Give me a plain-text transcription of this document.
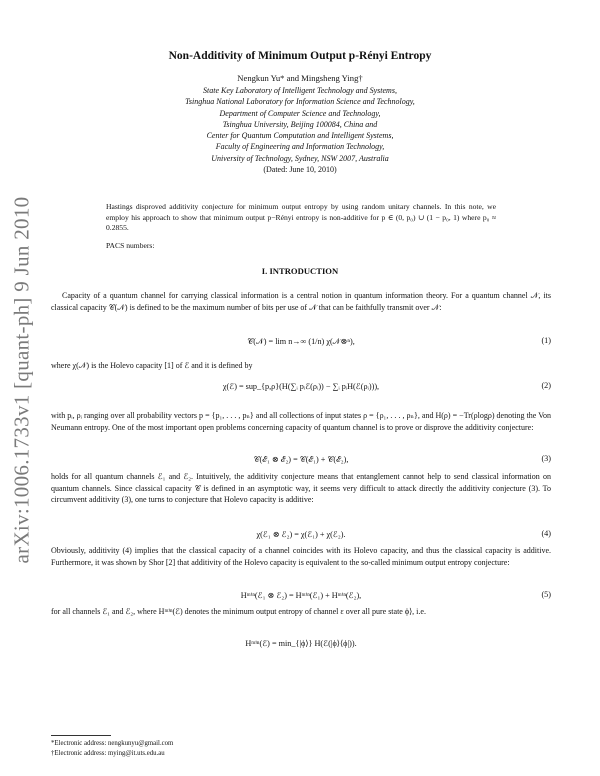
arXiv:1006.1733v1 [quant-ph] 9 Jun 2010
Non-Additivity of Minimum Output p-Rényi Entropy
Nengkun Yu* and Mingsheng Ying†
State Key Laboratory of Intelligent Technology and Systems,
Tsinghua National Laboratory for Information Science and Technology,
Department of Computer Science and Technology,
Tsinghua University, Beijing 100084, China and
Center for Quantum Computation and Intelligent Systems,
Faculty of Engineering and Information Technology,
University of Technology, Sydney, NSW 2007, Australia
(Dated: June 10, 2010)
Hastings disproved additivity conjecture for minimum output entropy by using random unitary channels. In this note, we employ his approach to show that minimum output p−Rényi entropy is non-additive for p ∈ (0, p₀) ∪ (1 − p₀, 1) where p₀ ≈ 0.2855.
PACS numbers:
I. INTRODUCTION
Capacity of a quantum channel for carrying classical information is a central notion in quantum information theory. For a quantum channel 𝒩, its classical capacity 𝒞(𝒩) is defined to be the maximum number of bits per use of 𝒩 that can be faithfully transmit over 𝒩:
𝒞(𝒩) = lim n→∞ (1/n) χ(𝒩⊗ⁿ),	(1)
where χ(𝒩) is the Holevo capacity [1] of ℰ and it is defined by
χ(ℰ) = sup_{p,ρ}(H(∑ᵢ pᵢℰ(ρᵢ)) − ∑ᵢ pᵢH(ℰ(ρᵢ))),	(2)
with pᵢ, ρᵢ ranging over all probability vectors p = {p₁, . . . , pₙ} and all collections of input states ρ = {ρ₁, . . . , ρₙ}, and H(ρ) = −Tr(ρlogρ) denoting the Von Neumann entropy. One of the most important open problems concerning capacity of quantum channel is to prove or disprove the additivity conjecture:
𝒞(ℰ₁ ⊗ ℰ₂) = 𝒞(ℰ₁) + 𝒞(ℰ₂),	(3)
holds for all quantum channels ℰ₁ and ℰ₂. Intuitively, the additivity conjecture means that entanglement cannot help to send classical information on quantum channels. Since classical capacity 𝒞 is defined in an asymptotic way, it seems very difficult to attack directly the additivity conjecture (3). To circumvent additivity (3), one turns to conjecture that Holevo capacity is additive:
χ(ℰ₁ ⊗ ℰ₂) = χ(ℰ₁) + χ(ℰ₂).	(4)
Obviously, additivity (4) implies that the classical capacity of a channel coincides with its Holevo capacity, and thus the classical capacity is additive. Furthermore, it was shown by Shor [2] that additivity of the Holevo capacity is equivalent to the so-called minimum output entropy conjecture:
Hᵐⁱⁿ(ℰ₁ ⊗ ℰ₂) = Hᵐⁱⁿ(ℰ₁) + Hᵐⁱⁿ(ℰ₂),	(5)
for all channels ℰ₁ and ℰ₂, where Hᵐⁱⁿ(ℰ) denotes the minimum output entropy of channel ε over all pure state ϕ⟩, i.e.
Hᵐⁱⁿ(ℰ) = min_{|ϕ⟩} H(ℰ(|ϕ⟩⟨ϕ|)).
*Electronic address: nengkunyu@gmail.com
†Electronic address: mying@it.uts.edu.au
